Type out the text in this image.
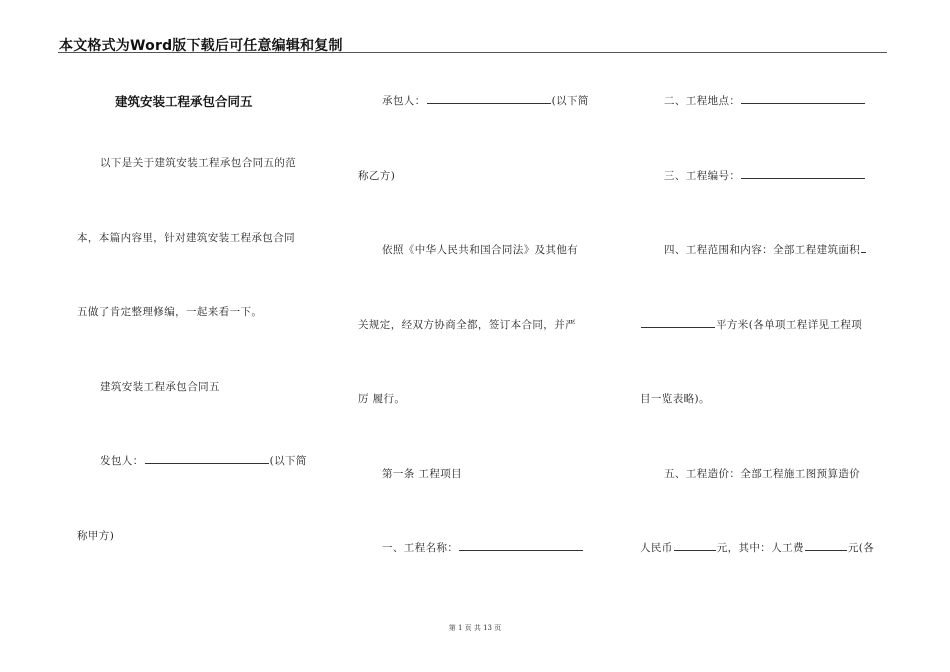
本文格式为Word版下载后可任意编辑和复制
建筑安装工程承包合同五
以下是关于建筑安装工程承包合同五的范
本，本篇内容里，针对建筑安装工程承包合同
五做了肯定整理修编，一起来看一下。
建筑安装工程承包合同五
发包人：	(以下简
称甲方)
承包人：	(以下简
称乙方)
依照《中华人民共和国合同法》及其他有
关规定，经双方协商全都，签订本合同，并严
厉 履行。
第一条 工程项目
一、工程名称：
二、工程地点：
三、工程编号：
四、工程范围和内容：全部工程建筑面积
平方米(各单项工程详见工程项
目一览表略)。
五、工程造价：全部工程施工图预算造价
人民币	元，其中：人工费	元(各
第 1 页 共 13 页
